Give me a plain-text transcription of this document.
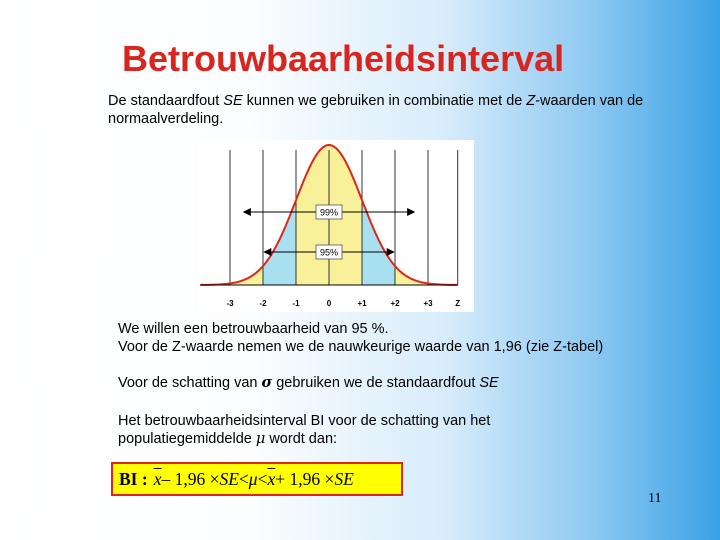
Betrouwbaarheidsinterval
De standaardfout SE kunnen we gebruiken in combinatie met de Z-waarden van de normaalverdeling.
99%
95%
-3	-2	-1	0	+1	+2	+3	Z
We willen een betrouwbaarheid van 95 %.
Voor de Z-waarde nemen we de nauwkeurige waarde van 1,96 (zie Z-tabel)
Voor de schatting van σ gebruiken we de standaardfout SE
Het betrouwbaarheidsinterval BI voor de schatting van het
populatiegemiddelde μ wordt dan:
BI : $\overline{x} - 1,96$ × SE < $\mu < \overline{x} + 1,96$ × SE
11
